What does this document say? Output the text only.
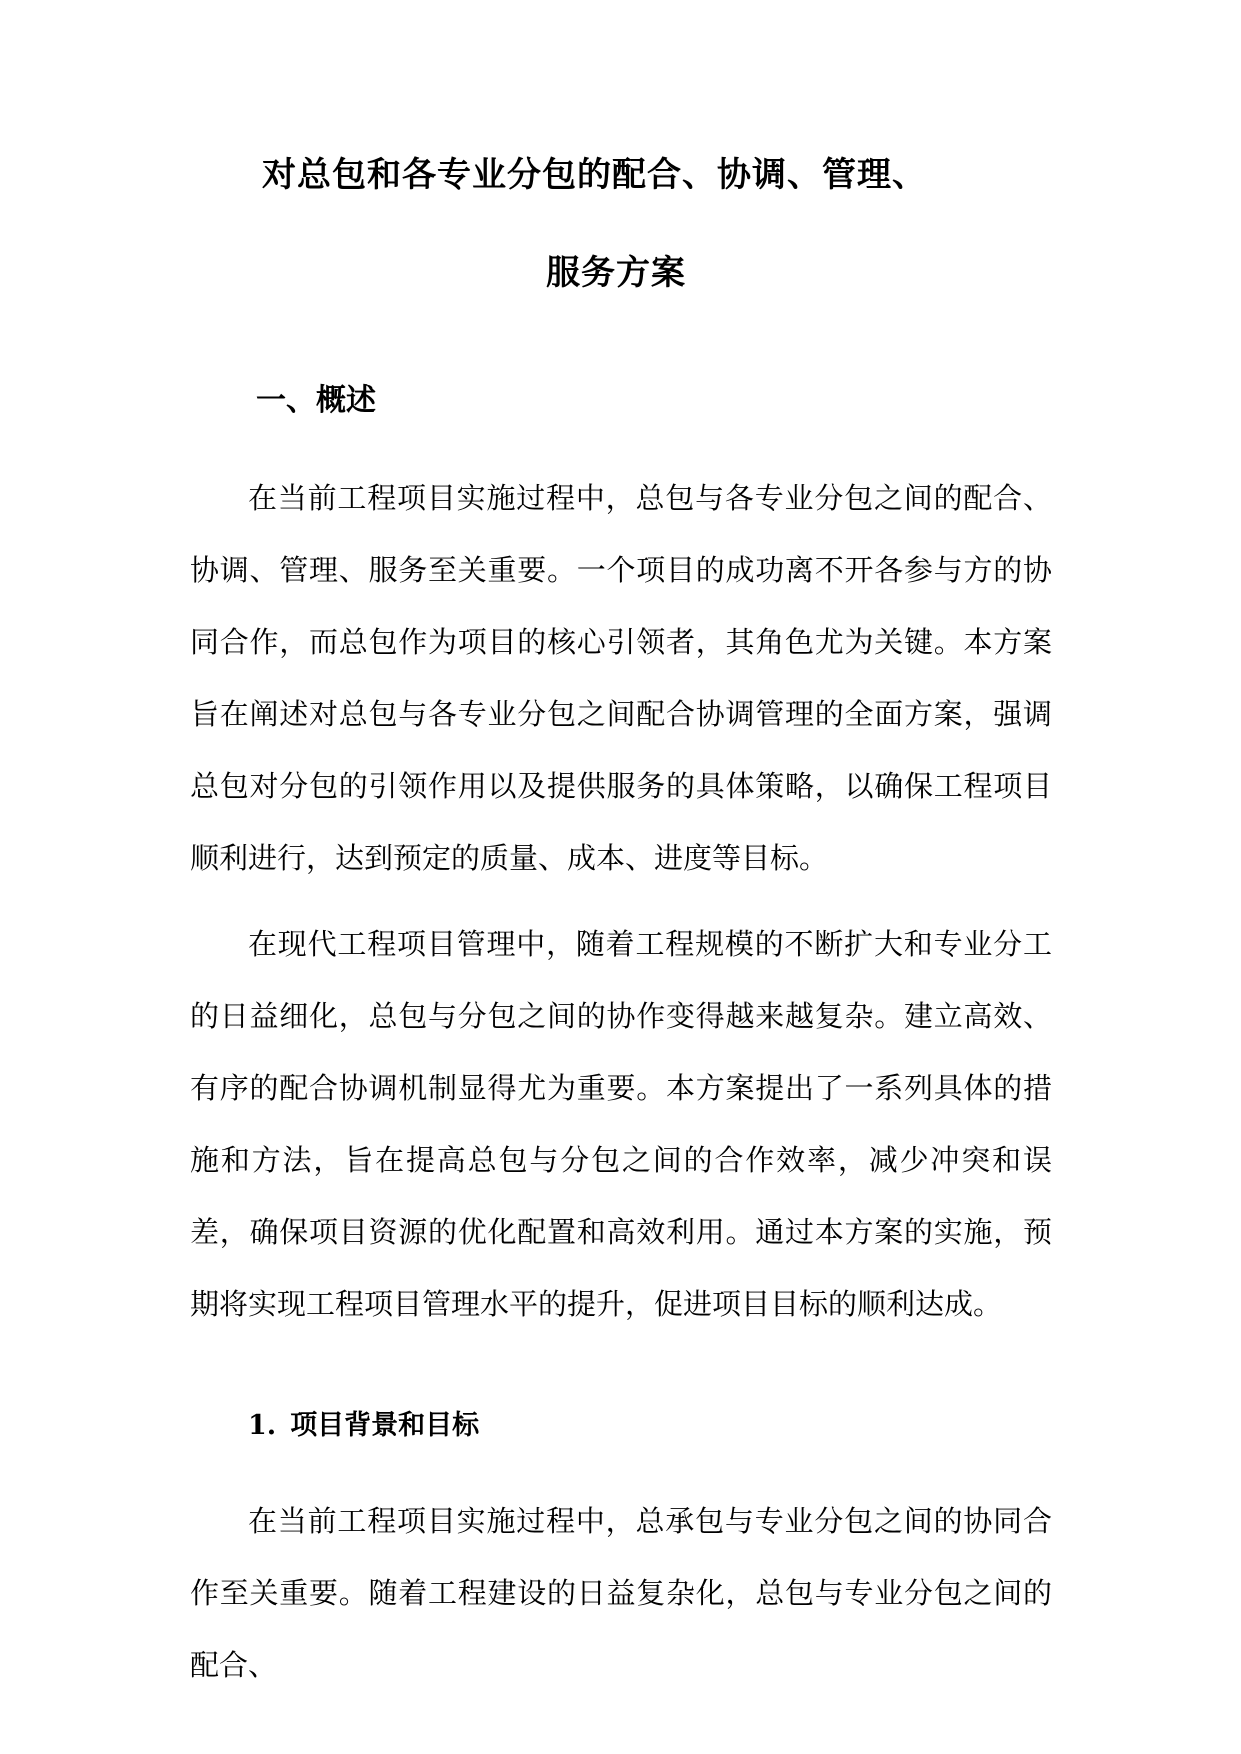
对总包和各专业分包的配合、协调、管理、
服务方案
一、概述

在当前工程项目实施过程中，总包与各专业分包之间的配合、协调、管理、服务至关重要。一个项目的成功离不开各参与方的协同合作，而总包作为项目的核心引领者，其角色尤为关键。本方案旨在阐述对总包与各专业分包之间配合协调管理的全面方案，强调总包对分包的引领作用以及提供服务的具体策略，以确保工程项目顺利进行，达到预定的质量、成本、进度等目标。

在现代工程项目管理中，随着工程规模的不断扩大和专业分工的日益细化，总包与分包之间的协作变得越来越复杂。建立高效、有序的配合协调机制显得尤为重要。本方案提出了一系列具体的措施和方法，旨在提高总包与分包之间的合作效率，减少冲突和误差，确保项目资源的优化配置和高效利用。通过本方案的实施，预期将实现工程项目管理水平的提升，促进项目目标的顺利达成。

1. 项目背景和目标

在当前工程项目实施过程中，总承包与专业分包之间的协同合作至关重要。随着工程建设的日益复杂化，总包与专业分包之间的配合、
